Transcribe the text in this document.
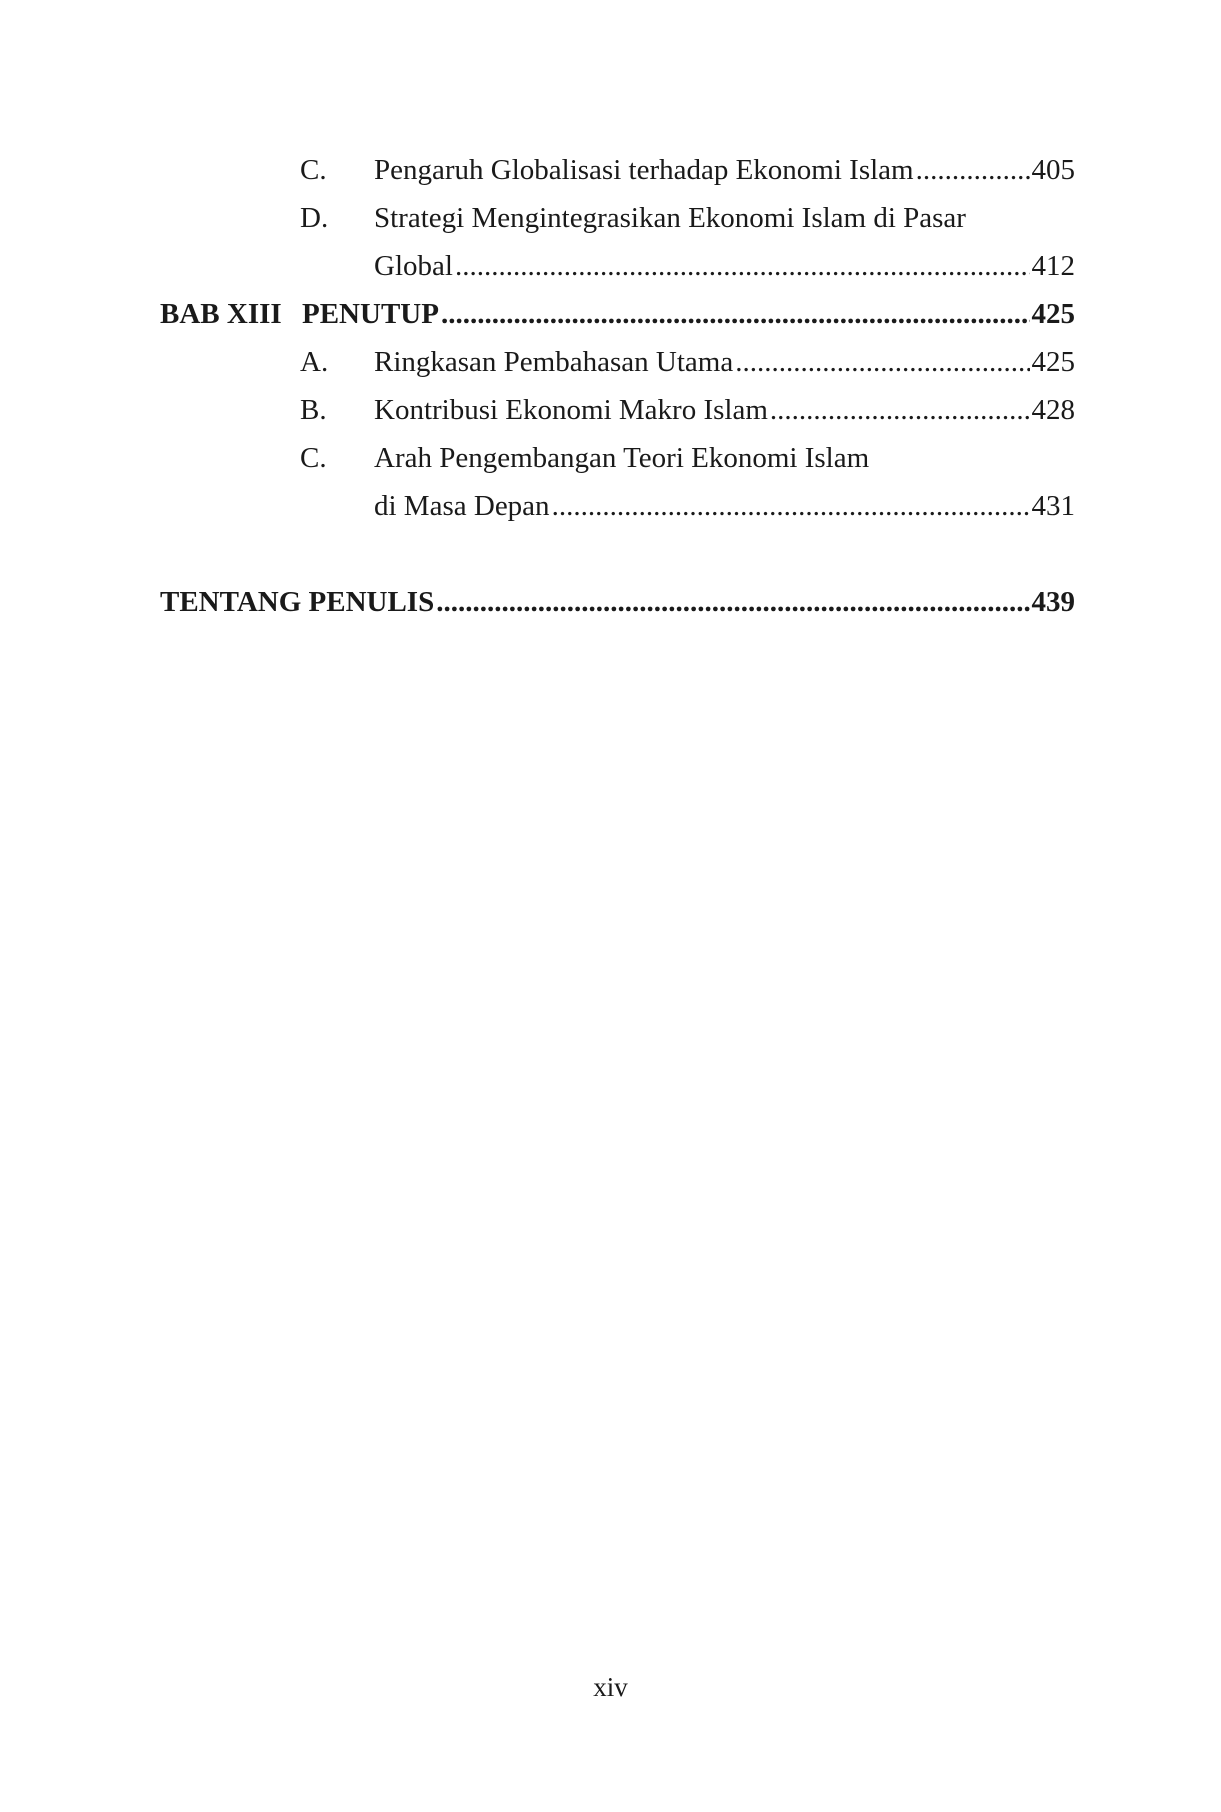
C. Pengaruh Globalisasi terhadap Ekonomi Islam .....	405
D. Strategi Mengintegrasikan Ekonomi Islam di Pasar
Global .....	412
BAB XIII PENUTUP .....	425
A. Ringkasan Pembahasan Utama .....	425
B. Kontribusi Ekonomi Makro Islam .....	428
C. Arah Pengembangan Teori Ekonomi Islam
di Masa Depan .....	431
TENTANG PENULIS .....	439
xiv
